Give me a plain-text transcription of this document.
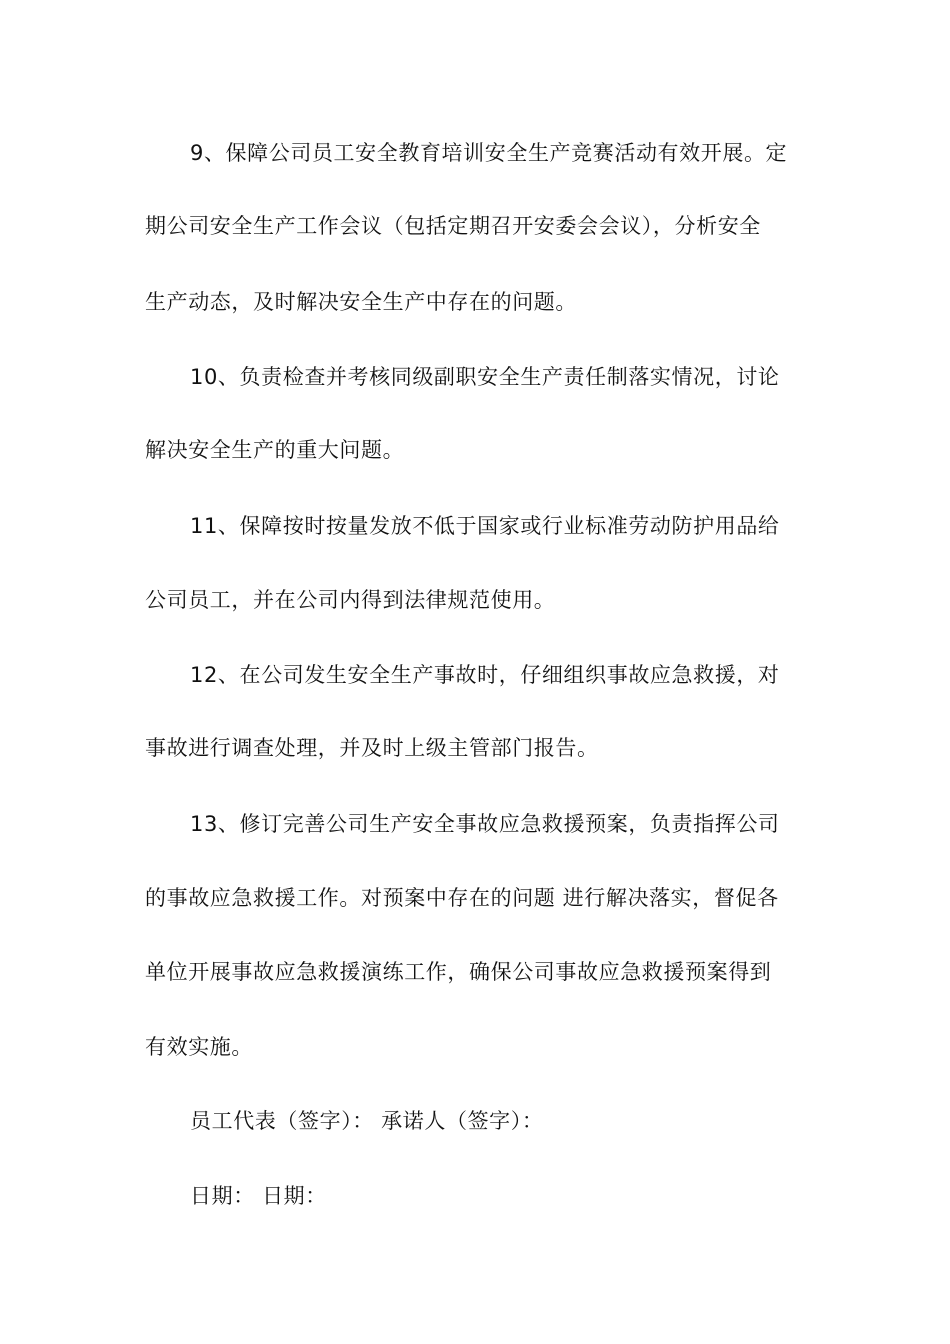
9、保障公司员工安全教育培训安全生产竞赛活动有效开展。定
期公司安全生产工作会议（包括定期召开安委会会议），分析安全
生产动态，及时解决安全生产中存在的问题。
10、负责检查并考核同级副职安全生产责任制落实情况，讨论
解决安全生产的重大问题。
11、保障按时按量发放不低于国家或行业标准劳动防护用品给
公司员工，并在公司内得到法律规范使用。
12、在公司发生安全生产事故时，仔细组织事故应急救援，对
事故进行调查处理，并及时上级主管部门报告。
13、修订完善公司生产安全事故应急救援预案，负责指挥公司
的事故应急救援工作。对预案中存在的问题 进行解决落实，督促各
单位开展事故应急救援演练工作，确保公司事故应急救援预案得到
有效实施。
员工代表（签字）： 承诺人（签字）：
日期： 日期：
